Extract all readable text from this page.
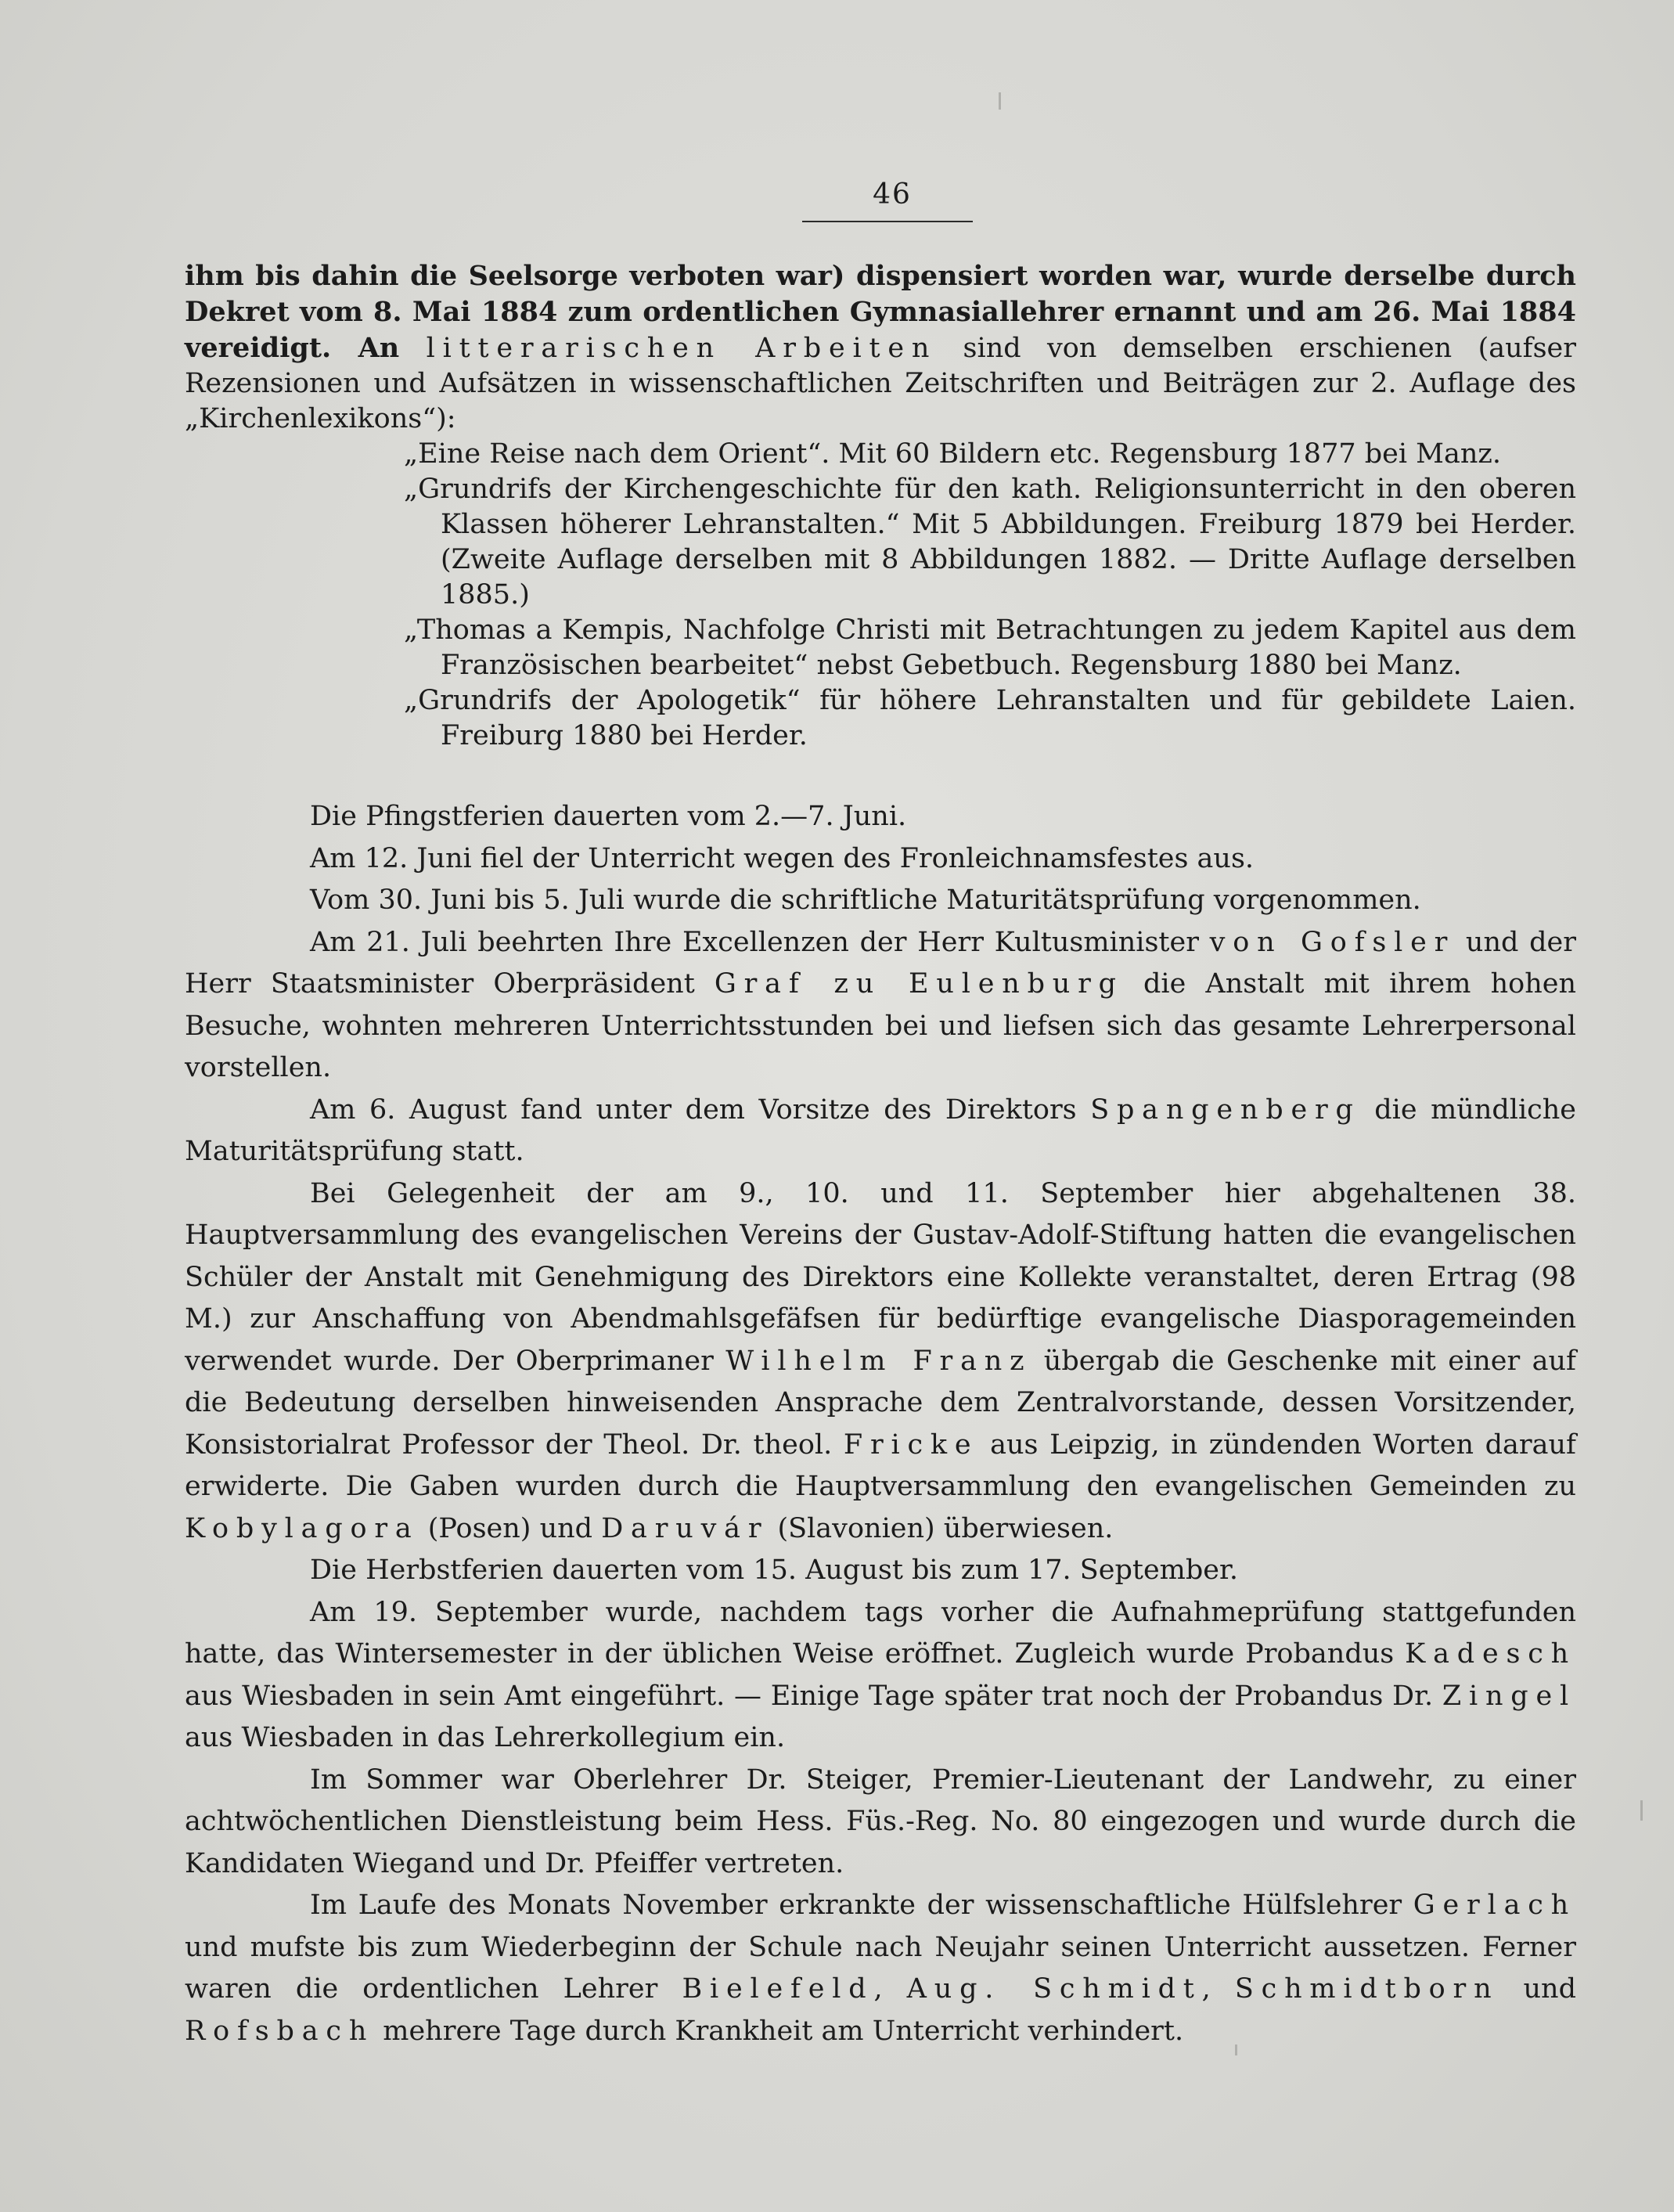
46

ihm bis dahin die Seelsorge verboten war) dispensiert worden war, wurde derselbe durch Dekret vom 8. Mai 1884 zum ordentlichen Gymnasiallehrer ernannt und am 26. Mai 1884 vereidigt. An litterarischen Arbeiten sind von demselben erschienen (aufser Rezensionen und Aufsätzen in wissenschaftlichen Zeitschriften und Beiträgen zur 2. Auflage des „Kirchenlexikons“):

„Eine Reise nach dem Orient“. Mit 60 Bildern etc. Regensburg 1877 bei Manz.
„Grundrifs der Kirchengeschichte für den kath. Religionsunterricht in den oberen Klassen höherer Lehranstalten.“ Mit 5 Abbildungen. Freiburg 1879 bei Herder. (Zweite Auflage derselben mit 8 Abbildungen 1882. — Dritte Auflage derselben 1885.)
„Thomas a Kempis, Nachfolge Christi mit Betrachtungen zu jedem Kapitel aus dem Französischen bearbeitet“ nebst Gebetbuch. Regensburg 1880 bei Manz.
„Grundrifs der Apologetik“ für höhere Lehranstalten und für gebildete Laien. Freiburg 1880 bei Herder.

Die Pfingstferien dauerten vom 2.—7. Juni.

Am 12. Juni fiel der Unterricht wegen des Fronleichnamsfestes aus.

Vom 30. Juni bis 5. Juli wurde die schriftliche Maturitätsprüfung vorgenommen.

Am 21. Juli beehrten Ihre Excellenzen der Herr Kultusminister von Gofsler und der Herr Staatsminister Oberpräsident Graf zu Eulenburg die Anstalt mit ihrem hohen Besuche, wohnten mehreren Unterrichtsstunden bei und liefsen sich das gesamte Lehrerpersonal vorstellen.

Am 6. August fand unter dem Vorsitze des Direktors Spangenberg die mündliche Maturitätsprüfung statt.

Bei Gelegenheit der am 9., 10. und 11. September hier abgehaltenen 38. Hauptversammlung des evangelischen Vereins der Gustav-Adolf-Stiftung hatten die evangelischen Schüler der Anstalt mit Genehmigung des Direktors eine Kollekte veranstaltet, deren Ertrag (98 M.) zur Anschaffung von Abendmahlsgefäfsen für bedürftige evangelische Diasporagemeinden verwendet wurde. Der Oberprimaner Wilhelm Franz übergab die Geschenke mit einer auf die Bedeutung derselben hinweisenden Ansprache dem Zentralvorstande, dessen Vorsitzender, Konsistorialrat Professor der Theol. Dr. theol. Fricke aus Leipzig, in zündenden Worten darauf erwiderte. Die Gaben wurden durch die Hauptversammlung den evangelischen Gemeinden zu Kobylagora (Posen) und Daruvár (Slavonien) überwiesen.

Die Herbstferien dauerten vom 15. August bis zum 17. September.

Am 19. September wurde, nachdem tags vorher die Aufnahmeprüfung stattgefunden hatte, das Wintersemester in der üblichen Weise eröffnet. Zugleich wurde Probandus Kadesch aus Wiesbaden in sein Amt eingeführt. — Einige Tage später trat noch der Probandus Dr. Zingel aus Wiesbaden in das Lehrerkollegium ein.

Im Sommer war Oberlehrer Dr. Steiger, Premier-Lieutenant der Landwehr, zu einer achtwöchentlichen Dienstleistung beim Hess. Füs.-Reg. No. 80 eingezogen und wurde durch die Kandidaten Wiegand und Dr. Pfeiffer vertreten.

Im Laufe des Monats November erkrankte der wissenschaftliche Hülfslehrer Gerlach und mufste bis zum Wiederbeginn der Schule nach Neujahr seinen Unterricht aussetzen. Ferner waren die ordentlichen Lehrer Bielefeld, Aug. Schmidt, Schmidtborn und Rofsbach mehrere Tage durch Krankheit am Unterricht verhindert.
